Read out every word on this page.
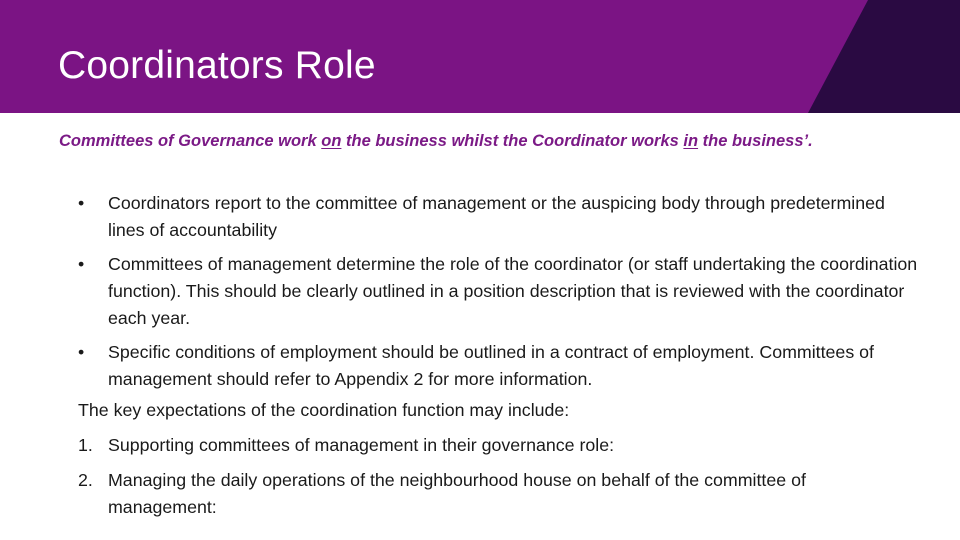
Coordinators Role

Committees of Governance work on the business whilst the Coordinator works in the business’.

• Coordinators report to the committee of management or the auspicing body through predetermined lines of accountability
• Committees of management determine the role of the coordinator (or staff undertaking the coordination function). This should be clearly outlined in a position description that is reviewed with the coordinator each year.
• Specific conditions of employment should be outlined in a contract of employment. Committees of management should refer to Appendix 2 for more information.

The key expectations of the coordination function may include:

1. Supporting committees of management in their governance role:
2. Managing the daily operations of the neighbourhood house on behalf of the committee of management:
